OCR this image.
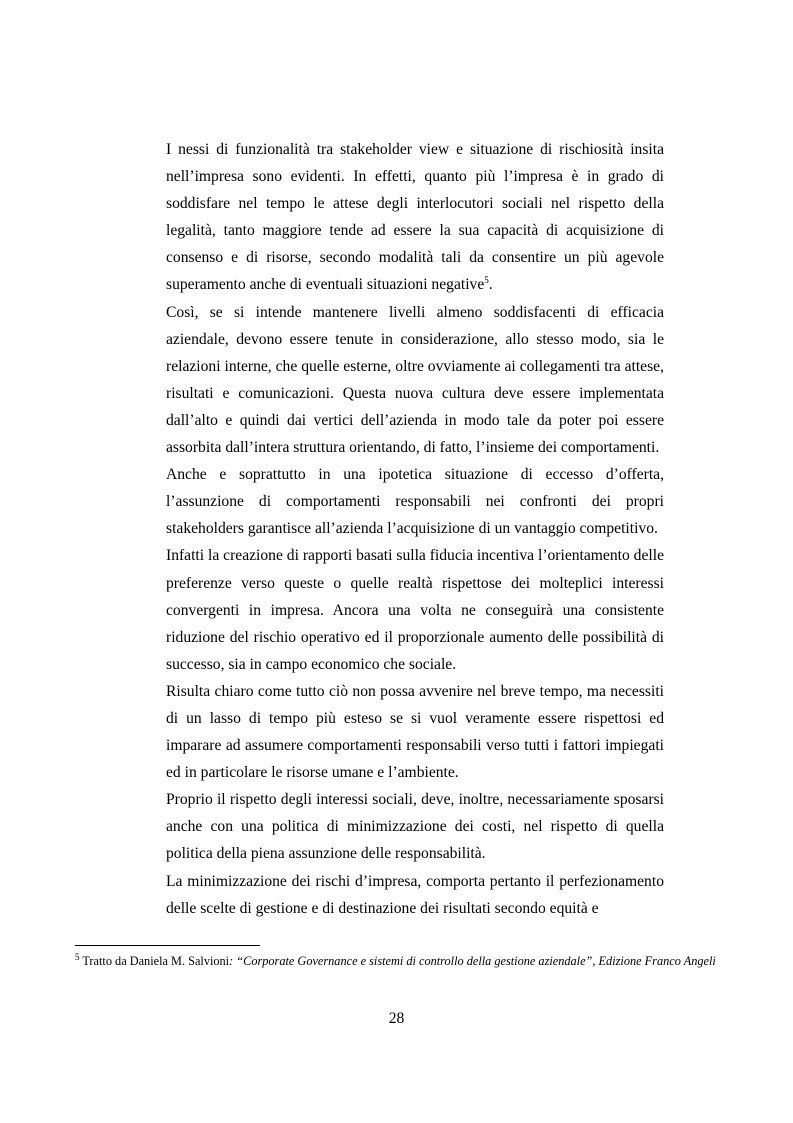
I nessi di funzionalità tra stakeholder view e situazione di rischiosità insita nell’impresa sono evidenti. In effetti, quanto più l’impresa è in grado di soddisfare nel tempo le attese degli interlocutori sociali nel rispetto della legalità, tanto maggiore tende ad essere la sua capacità di acquisizione di consenso e di risorse, secondo modalità tali da consentire un più agevole superamento anche di eventuali situazioni negative$^5$.

Così, se si intende mantenere livelli almeno soddisfacenti di efficacia aziendale, devono essere tenute in considerazione, allo stesso modo, sia le relazioni interne, che quelle esterne, oltre ovviamente ai collegamenti tra attese, risultati e comunicazioni. Questa nuova cultura deve essere implementata dall’alto e quindi dai vertici dell’azienda in modo tale da poter poi essere assorbita dall’intera struttura orientando, di fatto, l’insieme dei comportamenti.

Anche e soprattutto in una ipotetica situazione di eccesso d’offerta, l’assunzione di comportamenti responsabili nei confronti dei propri stakeholders garantisce all’azienda l’acquisizione di un vantaggio competitivo.

Infatti la creazione di rapporti basati sulla fiducia incentiva l’orientamento delle preferenze verso queste o quelle realtà rispettose dei molteplici interessi convergenti in impresa. Ancora una volta ne conseguirà una consistente riduzione del rischio operativo ed il proporzionale aumento delle possibilità di successo, sia in campo economico che sociale.

Risulta chiaro come tutto ciò non possa avvenire nel breve tempo, ma necessiti di un lasso di tempo più esteso se si vuol veramente essere rispettosi ed imparare ad assumere comportamenti responsabili verso tutti i fattori impiegati ed in particolare le risorse umane e l’ambiente.

Proprio il rispetto degli interessi sociali, deve, inoltre, necessariamente sposarsi anche con una politica di minimizzazione dei costi, nel rispetto di quella politica della piena assunzione delle responsabilità.

La minimizzazione dei rischi d’impresa, comporta pertanto il perfezionamento delle scelte di gestione e di destinazione dei risultati secondo equità e

$^5$ Tratto da Daniela M. Salvioni: “Corporate Governance e sistemi di controllo della gestione aziendale”, Edizione Franco Angeli
28
